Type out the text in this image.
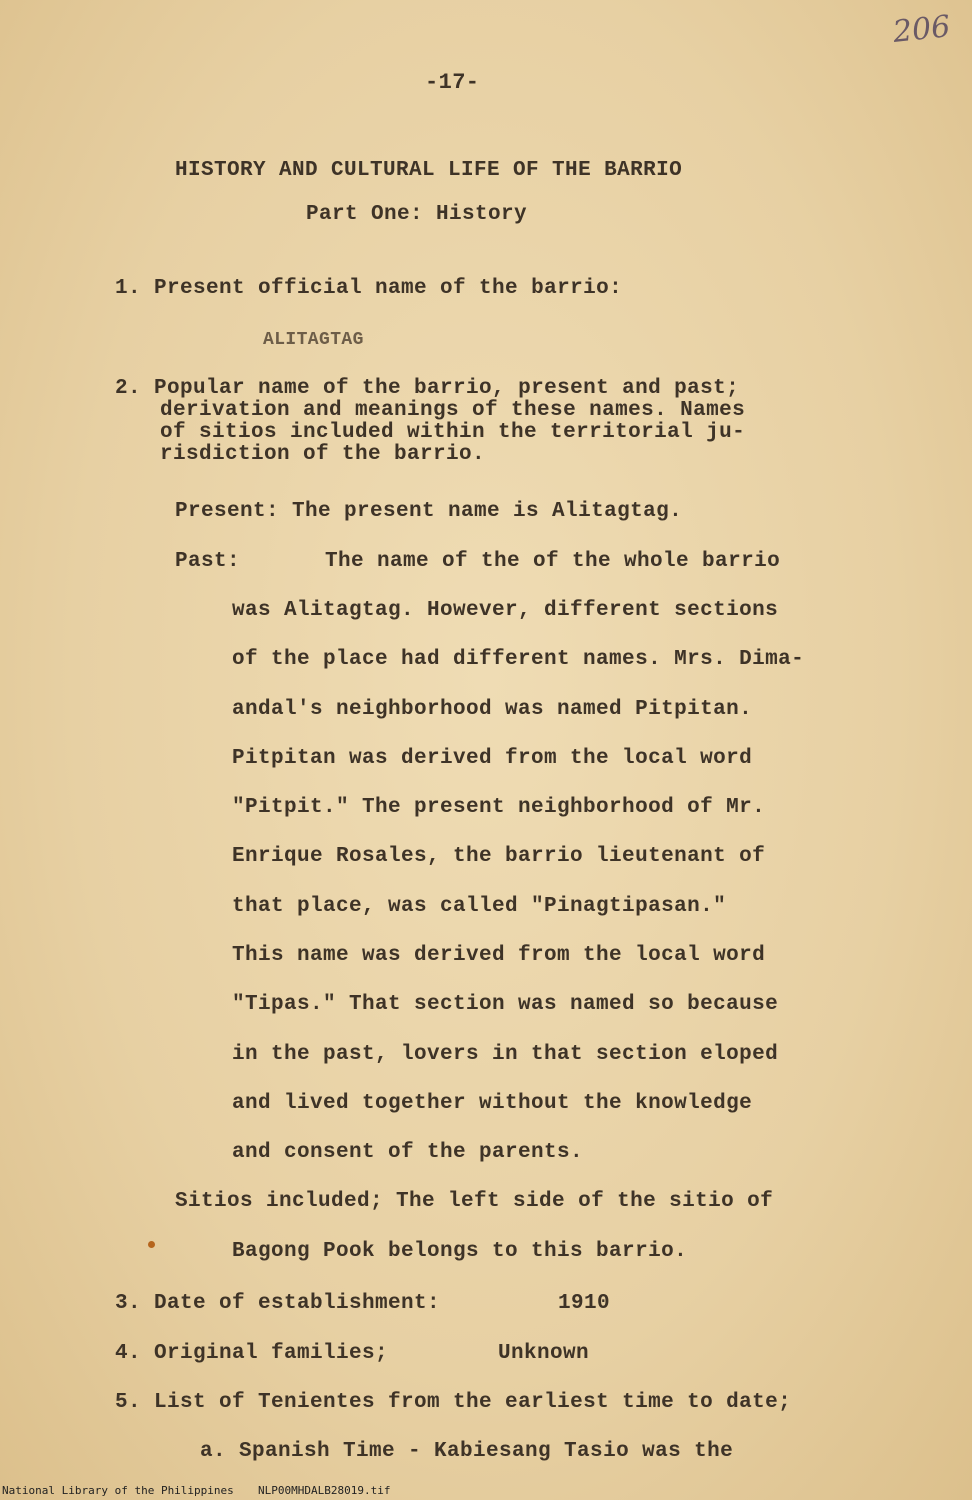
206
-17-
HISTORY AND CULTURAL LIFE OF THE BARRIO
Part One: History
1. Present official name of the barrio:
ALITAGTAG
2. Popular name of the barrio, present and past;
derivation and meanings of these names. Names
of sitios included within the territorial ju-
risdiction of the barrio.
Present: The present name is Alitagtag.
Past:	The name of the of the whole barrio
was Alitagtag. However, different sections
of the place had different names. Mrs. Dima-
andal's neighborhood was named Pitpitan.
Pitpitan was derived from the local word
"Pitpit." The present neighborhood of Mr.
Enrique Rosales, the barrio lieutenant of
that place, was called "Pinagtipasan."
This name was derived from the local word
"Tipas." That section was named so because
in the past, lovers in that section eloped
and lived together without the knowledge
and consent of the parents.
Sitios included; The left side of the sitio of
Bagong Pook belongs to this barrio.
3. Date of establishment:	1910
4. Original families;	Unknown
5. List of Tenientes from the earliest time to date;
a. Spanish Time - Kabiesang Tasio was the
National Library of the Philippines NLP00MHDALB28019.tif
